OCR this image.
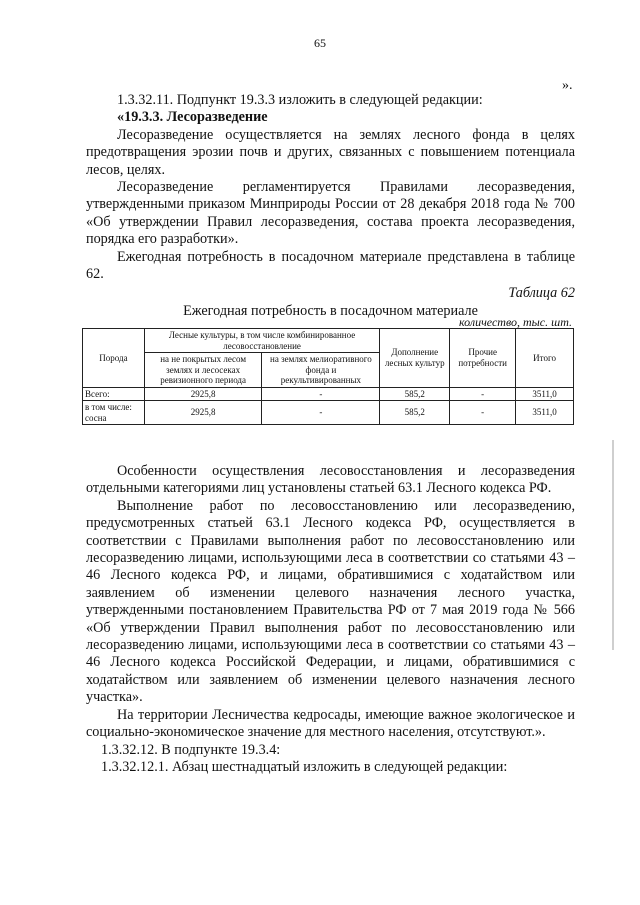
65
».

1.3.32.11. Подпункт 19.3.3 изложить в следующей редакции:

«19.3.3. Лесоразведение

Лесоразведение осуществляется на землях лесного фонда в целях предотвращения эрозии почв и других, связанных с повышением потенциала лесов, целях.

Лесоразведение регламентируется Правилами лесоразведения, утвержденными приказом Минприроды России от 28 декабря 2018 года № 700 «Об утверждении Правил лесоразведения, состава проекта лесоразведения, порядка его разработки».

Ежегодная потребность в посадочном материале представлена в таблице 62.

Таблица 62

Ежегодная потребность в посадочном материале

количество, тыс. шт.
Порода	Лесные культуры, в том числе комбинированное лесовосстановление		Дополнение лесных культур	Прочие потребности	Итого
	на не покрытых лесом землях и лесосеках ревизионного периода	на землях мелиоративного фонда и рекультивированных			
Всего:	2925,8	-	585,2	-	3511,0
в том числе: сосна	2925,8	-	585,2	-	3511,0

Особенности осуществления лесовосстановления и лесоразведения отдельными категориями лиц установлены статьей 63.1 Лесного кодекса РФ.

Выполнение работ по лесовосстановлению или лесоразведению, предусмотренных статьей 63.1 Лесного кодекса РФ, осуществляется в соответствии с Правилами выполнения работ по лесовосстановлению или лесоразведению лицами, использующими леса в соответствии со статьями 43 – 46 Лесного кодекса РФ, и лицами, обратившимися с ходатайством или заявлением об изменении целевого назначения лесного участка, утвержденными постановлением Правительства РФ от 7 мая 2019 года № 566 «Об утверждении Правил выполнения работ по лесовосстановлению или лесоразведению лицами, использующими леса в соответствии со статьями 43 – 46 Лесного кодекса Российской Федерации, и лицами, обратившимися с ходатайством или заявлением об изменении целевого назначения лесного участка».

На территории Лесничества кедросады, имеющие важное экологическое и социально-экономическое значение для местного населения, отсутствуют.».

1.3.32.12. В подпункте 19.3.4:

1.3.32.12.1. Абзац шестнадцатый изложить в следующей редакции:
